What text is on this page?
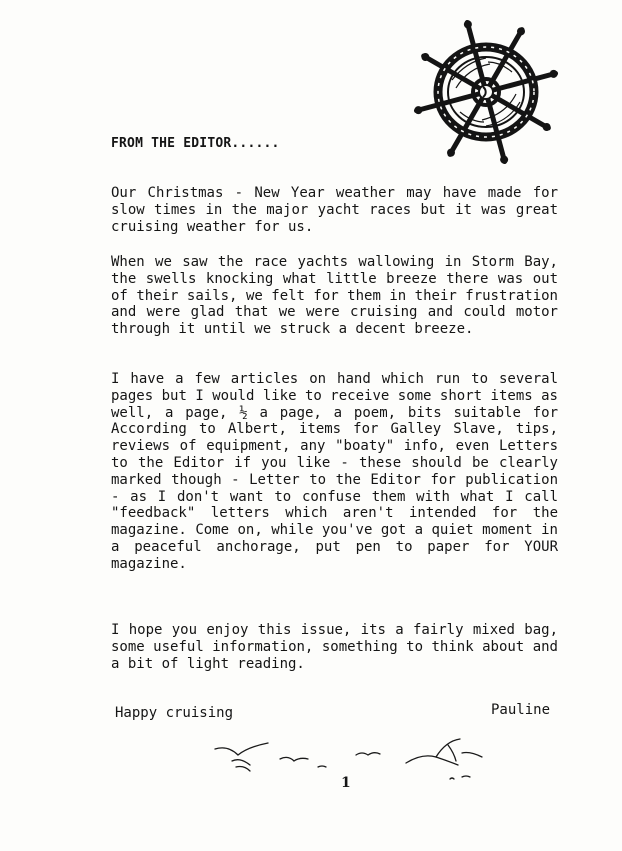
FROM THE EDITOR......

Our Christmas - New Year weather may have made for slow times in the major yacht races but it was great cruising weather for us.

When we saw the race yachts wallowing in Storm Bay, the swells knocking what little breeze there was out of their sails, we felt for them in their frustration and were glad that we were cruising and could motor through it until we struck a decent breeze.

I have a few articles on hand which run to several pages but I would like to receive some short items as well, a page, ½ a page, a poem, bits suitable for According to Albert, items for Galley Slave, tips, reviews of equipment, any "boaty" info, even Letters to the Editor if you like - these should be clearly marked though - Letter to the Editor for publication - as I don't want to confuse them with what I call "feedback" letters which aren't intended for the magazine. Come on, while you've got a quiet moment in a peaceful anchorage, put pen to paper for YOUR magazine.

I hope you enjoy this issue, its a fairly mixed bag, some useful information, something to think about and a bit of light reading.

Happy cruising	Pauline
1
